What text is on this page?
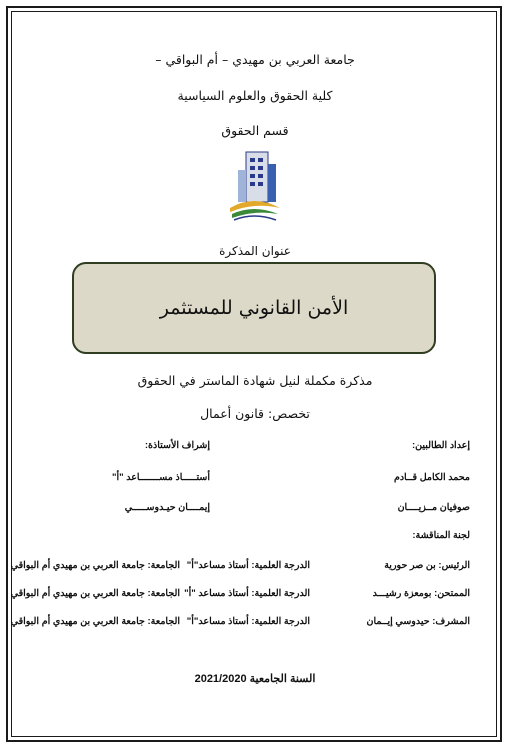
جامعة العربي بن مهيدي – أم البواقي –
كلية الحقوق والعلوم السياسية
قسم الحقوق
عنوان المذكرة
الأمن القانوني للمستثمر
مذكرة مكملة لنيل شهادة الماستر في الحقوق
تخصص: قانون أعمال
إعداد الطالبين:
إشراف الأستاذة:
محمد الكامل قــادم
أستـــــاذ مســـــــاعد "أ"
صوفيان مــزيــــان
إيمــــان حيـدوســـــي
لجنة المناقشة:
الرئيس: بن صر حورية
الدرجة العلمية: أستاذ مساعد"أ"
الجامعة: جامعة العربي بن مهيدي أم البواقي
الممتحن: بومعزة رشيـــد
الدرجة العلمية: أستاذ مساعد "أ"
الجامعة: جامعة العربي بن مهيدي أم البواقي
المشرف: حيدوسي إيــمان
الدرجة العلمية: أستاذ مساعد"أ"
الجامعة: جامعة العربي بن مهيدي أم البواقي
السنة الجامعية 2021/2020
